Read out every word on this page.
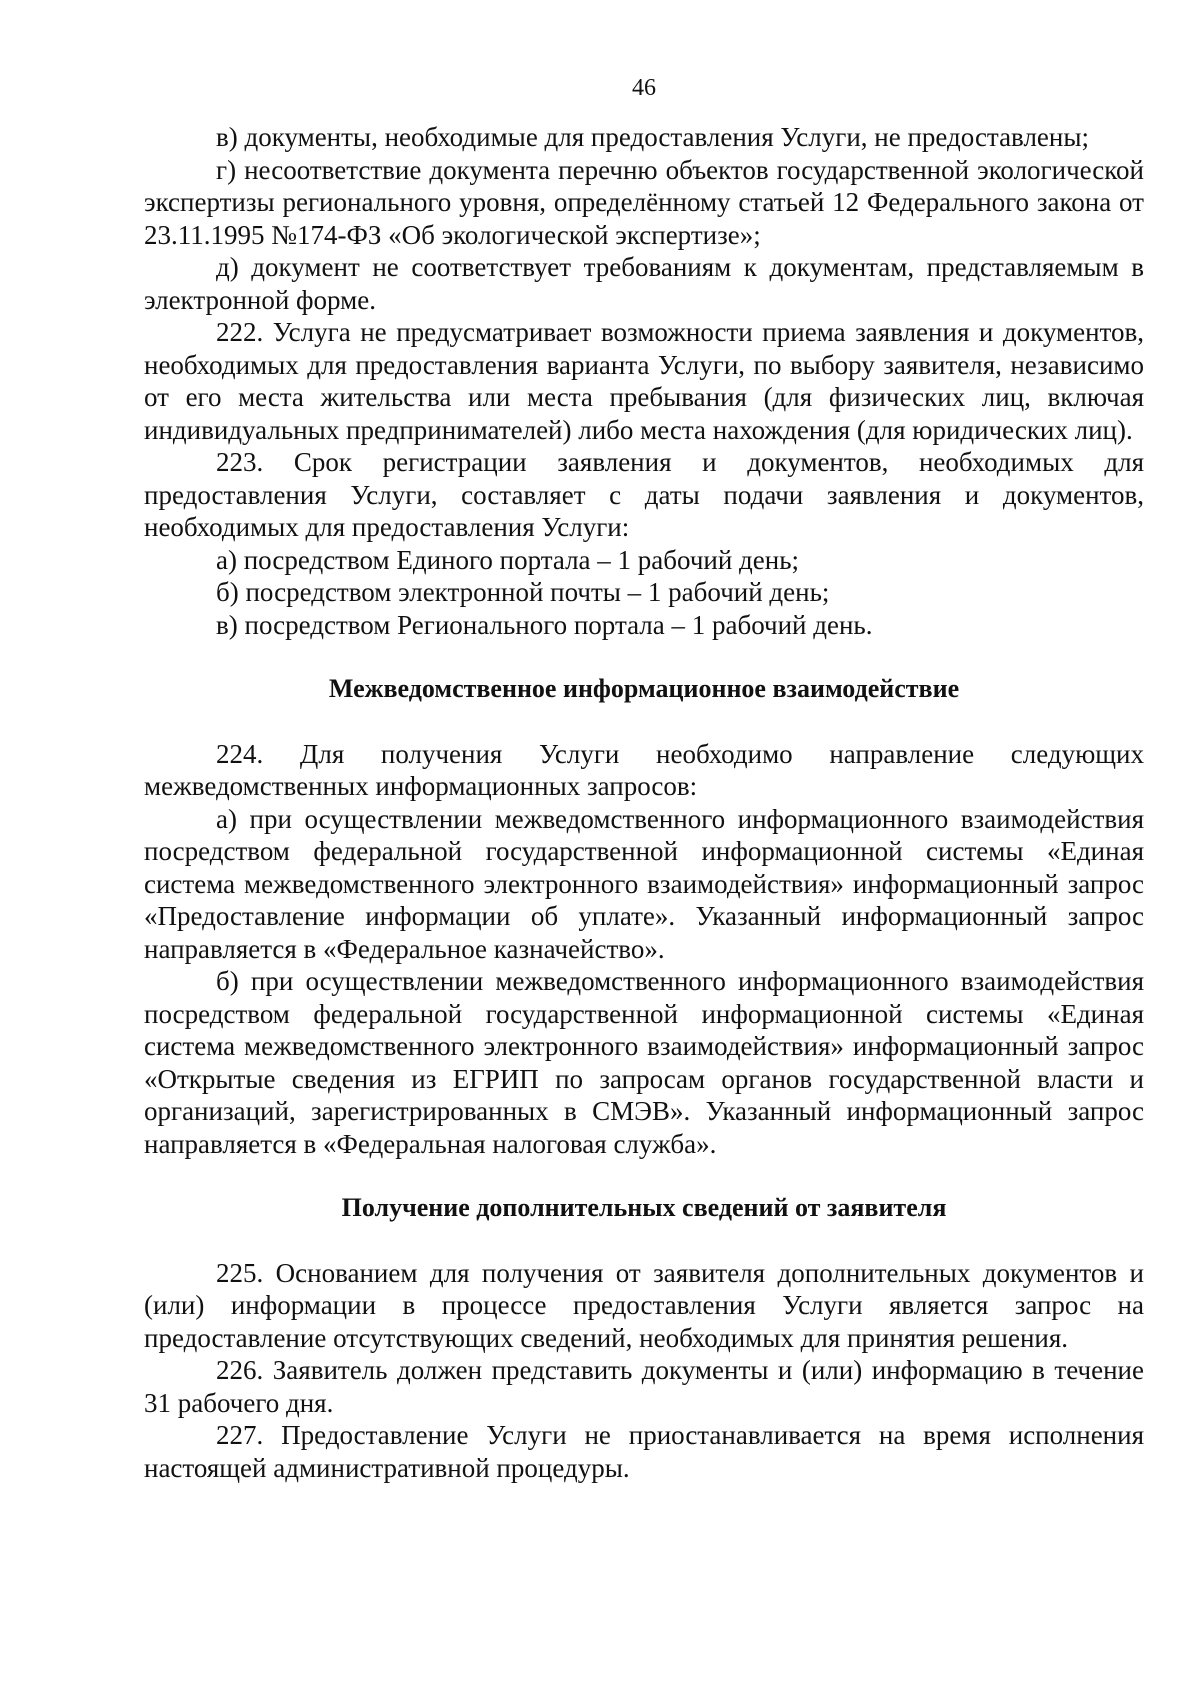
46

в) документы, необходимые для предоставления Услуги, не предоставлены;

г) несоответствие документа перечню объектов государственной экологической экспертизы регионального уровня, определённому статьей 12 Федерального закона от 23.11.1995 №174-ФЗ «Об экологической экспертизе»;

д) документ не соответствует требованиям к документам, представляемым в электронной форме.

222. Услуга не предусматривает возможности приема заявления и документов, необходимых для предоставления варианта Услуги, по выбору заявителя, независимо от его места жительства или места пребывания (для физических лиц, включая индивидуальных предпринимателей) либо места нахождения (для юридических лиц).

223. Срок регистрации заявления и документов, необходимых для предоставления Услуги, составляет с даты подачи заявления и документов, необходимых для предоставления Услуги:

а) посредством Единого портала – 1 рабочий день;

б) посредством электронной почты – 1 рабочий день;

в) посредством Регионального портала – 1 рабочий день.

Межведомственное информационное взаимодействие

224. Для получения Услуги необходимо направление следующих межведомственных информационных запросов:

а) при осуществлении межведомственного информационного взаимодействия посредством федеральной государственной информационной системы «Единая система межведомственного электронного взаимодействия» информационный запрос «Предоставление информации об уплате». Указанный информационный запрос направляется в «Федеральное казначейство».

б) при осуществлении межведомственного информационного взаимодействия посредством федеральной государственной информационной системы «Единая система межведомственного электронного взаимодействия» информационный запрос «Открытые сведения из ЕГРИП по запросам органов государственной власти и организаций, зарегистрированных в СМЭВ». Указанный информационный запрос направляется в «Федеральная налоговая служба».

Получение дополнительных сведений от заявителя

225. Основанием для получения от заявителя дополнительных документов и (или) информации в процессе предоставления Услуги является запрос на предоставление отсутствующих сведений, необходимых для принятия решения.

226. Заявитель должен представить документы и (или) информацию в течение 31 рабочего дня.

227. Предоставление Услуги не приостанавливается на время исполнения настоящей административной процедуры.
